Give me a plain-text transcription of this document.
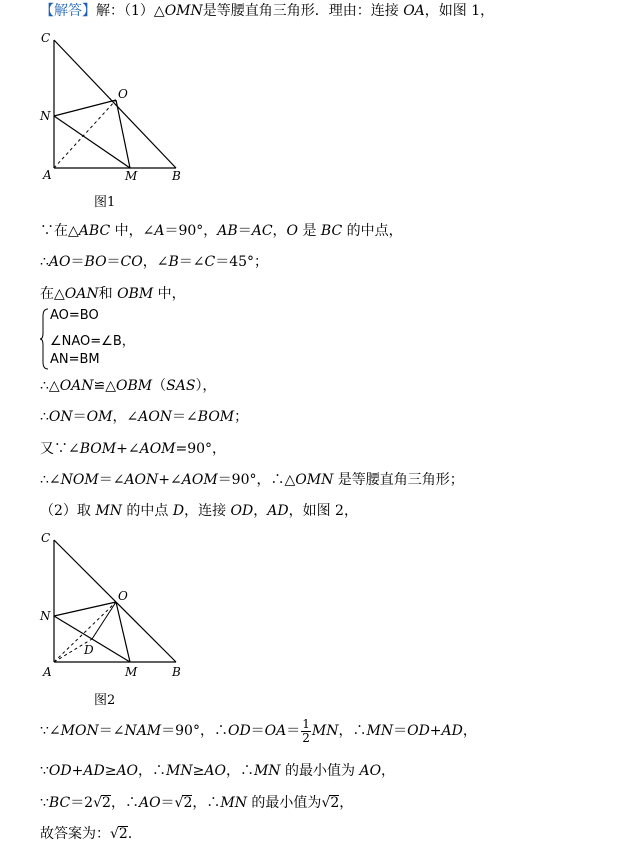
【解答】解：（1）△OMN是等腰直角三角形．理由：连接 OA，如图 1，
C
N
O
A	M	B
图1
∵在△ABC 中，∠A＝90°，AB＝AC，O 是 BC 的中点，
∴AO＝BO＝CO，∠B＝∠C＝45°；
在△OAN和 OBM 中，
AO=BO
∠NAO=∠B，
AN=BM
∴△OAN≌△OBM（SAS），
∴ON＝OM，∠AON＝∠BOM；
又∵∠BOM+∠AOM=90°，
∴∠NOM＝∠AON+∠AOM＝90°，∴△OMN 是等腰直角三角形；
（2）取 MN 的中点 D，连接 OD，AD，如图 2，
C
N
O
D
A	M	B
图2
∵∠MON＝∠NAM＝90°，∴OD＝OA＝ $\frac{1}{2}$ MN，∴MN＝OD+AD，
∵OD+AD≥AO，∴MN≥AO，∴MN 的最小值为 AO，
∵BC＝2√2，∴AO＝√2，∴MN 的最小值为√2，
故答案为：√2．
